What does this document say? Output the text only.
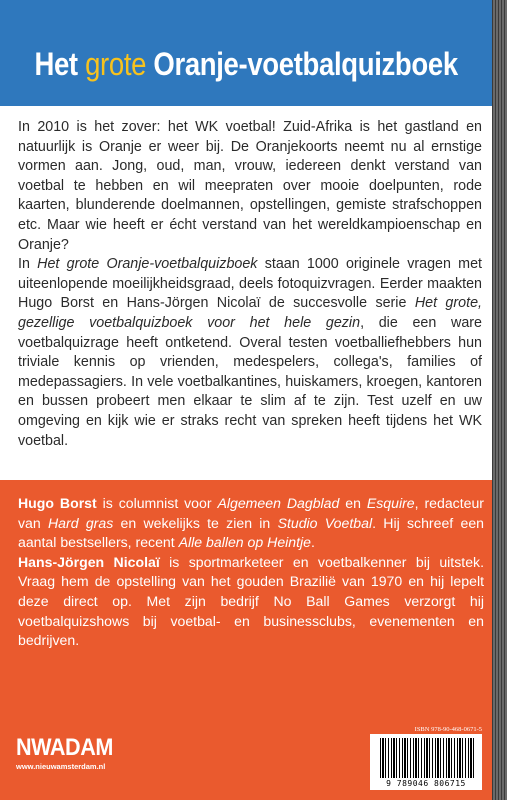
Het grote Oranje-voetbalquizboek

In 2010 is het zover: het WK voetbal! Zuid-Afrika is het gastland en natuurlijk is Oranje er weer bij. De Oranjekoorts neemt nu al ernstige vormen aan. Jong, oud, man, vrouw, iedereen denkt verstand van voetbal te hebben en wil meepraten over mooie doelpunten, rode kaarten, blunderende doelmannen, opstellingen, gemiste strafschoppen etc. Maar wie heeft er écht verstand van het wereldkampioenschap en Oranje?

In Het grote Oranje-voetbalquizboek staan 1000 originele vragen met uiteenlopende moeilijkheidsgraad, deels fotoquizvragen. Eerder maakten Hugo Borst en Hans-Jörgen Nicolaï de succesvolle serie Het grote, gezellige voetbalquizboek voor het hele gezin, die een ware voetbalquizrage heeft ontketend. Overal testen voetballiefhebbers hun triviale kennis op vrienden, medespelers, collega's, families of medepassagiers. In vele voetbalkantines, huiskamers, kroegen, kantoren en bussen probeert men elkaar te slim af te zijn. Test uzelf en uw omgeving en kijk wie er straks recht van spreken heeft tijdens het WK voetbal.

Hugo Borst is columnist voor Algemeen Dagblad en Esquire, redacteur van Hard gras en wekelijks te zien in Studio Voetbal. Hij schreef een aantal bestsellers, recent Alle ballen op Heintje.

Hans-Jörgen Nicolaï is sportmarketeer en voetbalkenner bij uitstek. Vraag hem de opstelling van het gouden Brazilië van 1970 en hij lepelt deze direct op. Met zijn bedrijf No Ball Games verzorgt hij voetbalquizshows bij voetbal- en businessclubs, evenementen en bedrijven.

NWADAM
www.nieuwamsterdam.nl
ISBN 978-90-468-0671-5
9 789046 806715
